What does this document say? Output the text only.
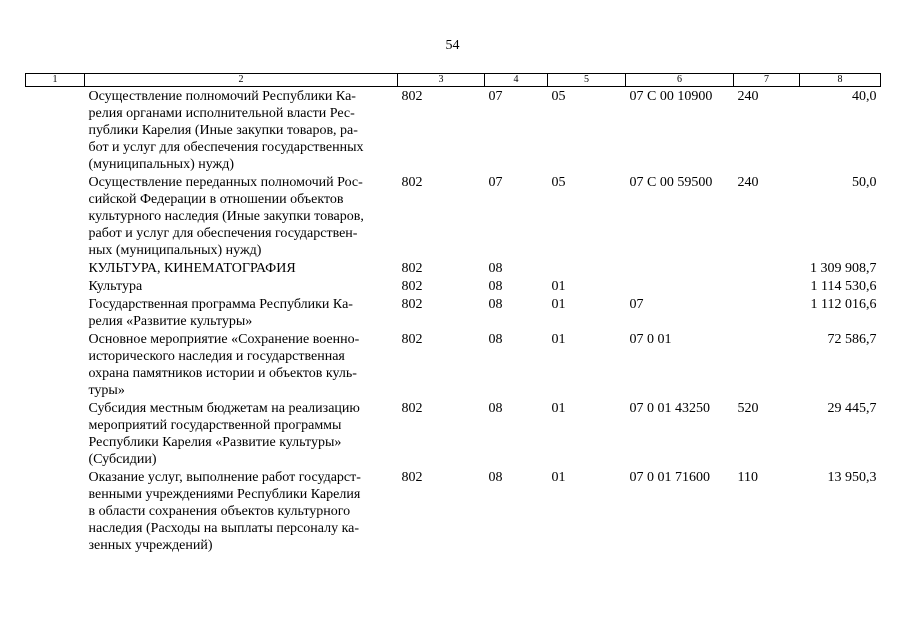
54
1	2	3	4	5	6	7	8
	Осуществление полномочий Республики Ка-
релия органами исполнительной власти Рес-
публики Карелия (Иные закупки товаров, ра-
бот и услуг для обеспечения государственных
(муниципальных) нужд)	802	07	05	07 С 00 10900	240	40,0
	Осуществление переданных полномочий Рос-
сийской Федерации в отношении объектов
культурного наследия (Иные закупки товаров,
работ и услуг для обеспечения государствен-
ных (муниципальных) нужд)	802	07	05	07 С 00 59500	240	50,0
	КУЛЬТУРА, КИНЕМАТОГРАФИЯ	802	08				1 309 908,7
	Культура	802	08	01			1 114 530,6
	Государственная программа Республики Ка-
релия «Развитие культуры»	802	08	01	07		1 112 016,6
	Основное мероприятие «Сохранение военно-
исторического наследия и государственная
охрана памятников истории и объектов куль-
туры»	802	08	01	07 0 01		72 586,7
	Субсидия местным бюджетам на реализацию
мероприятий государственной программы
Республики Карелия «Развитие культуры»
(Субсидии)	802	08	01	07 0 01 43250	520	29 445,7
	Оказание услуг, выполнение работ государст-
венными учреждениями Республики Карелия
в области сохранения объектов культурного
наследия (Расходы на выплаты персоналу ка-
зенных учреждений)	802	08	01	07 0 01 71600	110	13 950,3
